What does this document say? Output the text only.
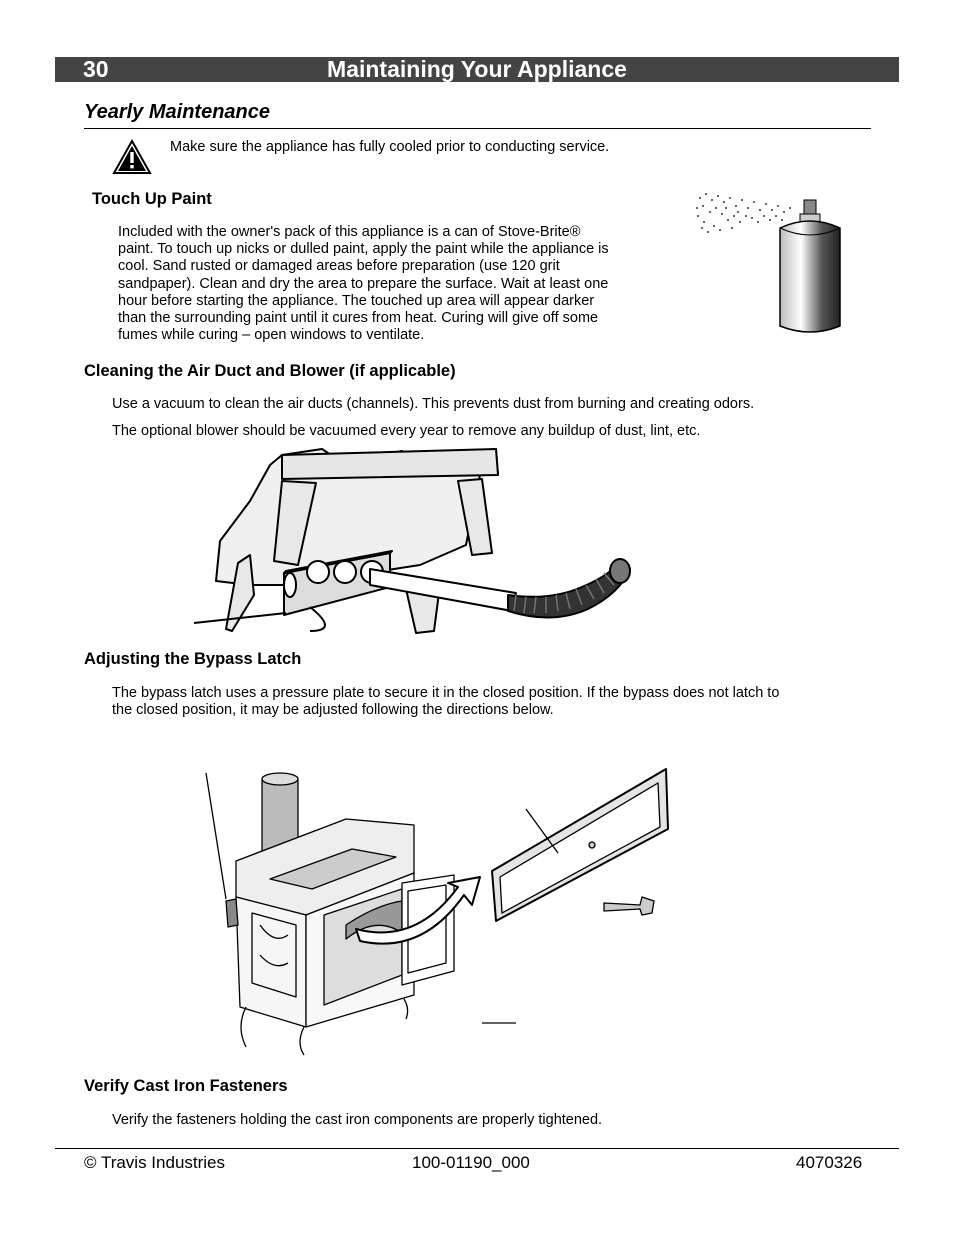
Maintaining Your Appliance
30
Yearly Maintenance
Make sure the appliance has fully cooled prior to conducting service.
Touch Up Paint
Included with the owner's pack of this appliance is a can of Stove-Brite®
paint. To touch up nicks or dulled paint, apply the paint while the appliance is
cool. Sand rusted or damaged areas before preparation (use 120 grit
sandpaper). Clean and dry the area to prepare the surface. Wait at least one
hour before starting the appliance. The touched up area will appear darker
than the surrounding paint until it cures from heat. Curing will give off some
fumes while curing – open windows to ventilate.
Cleaning the Air Duct and Blower (if applicable)
Use a vacuum to clean the air ducts (channels). This prevents dust from burning and creating odors.
The optional blower should be vacuumed every year to remove any buildup of dust, lint, etc.
Adjusting the Bypass Latch
The bypass latch uses a pressure plate to secure it in the closed position. If the bypass does not latch to
the closed position, it may be adjusted following the directions below.
Verify Cast Iron Fasteners
Verify the fasteners holding the cast iron components are properly tightened.
© Travis Industries	100-01190_000	4070326
